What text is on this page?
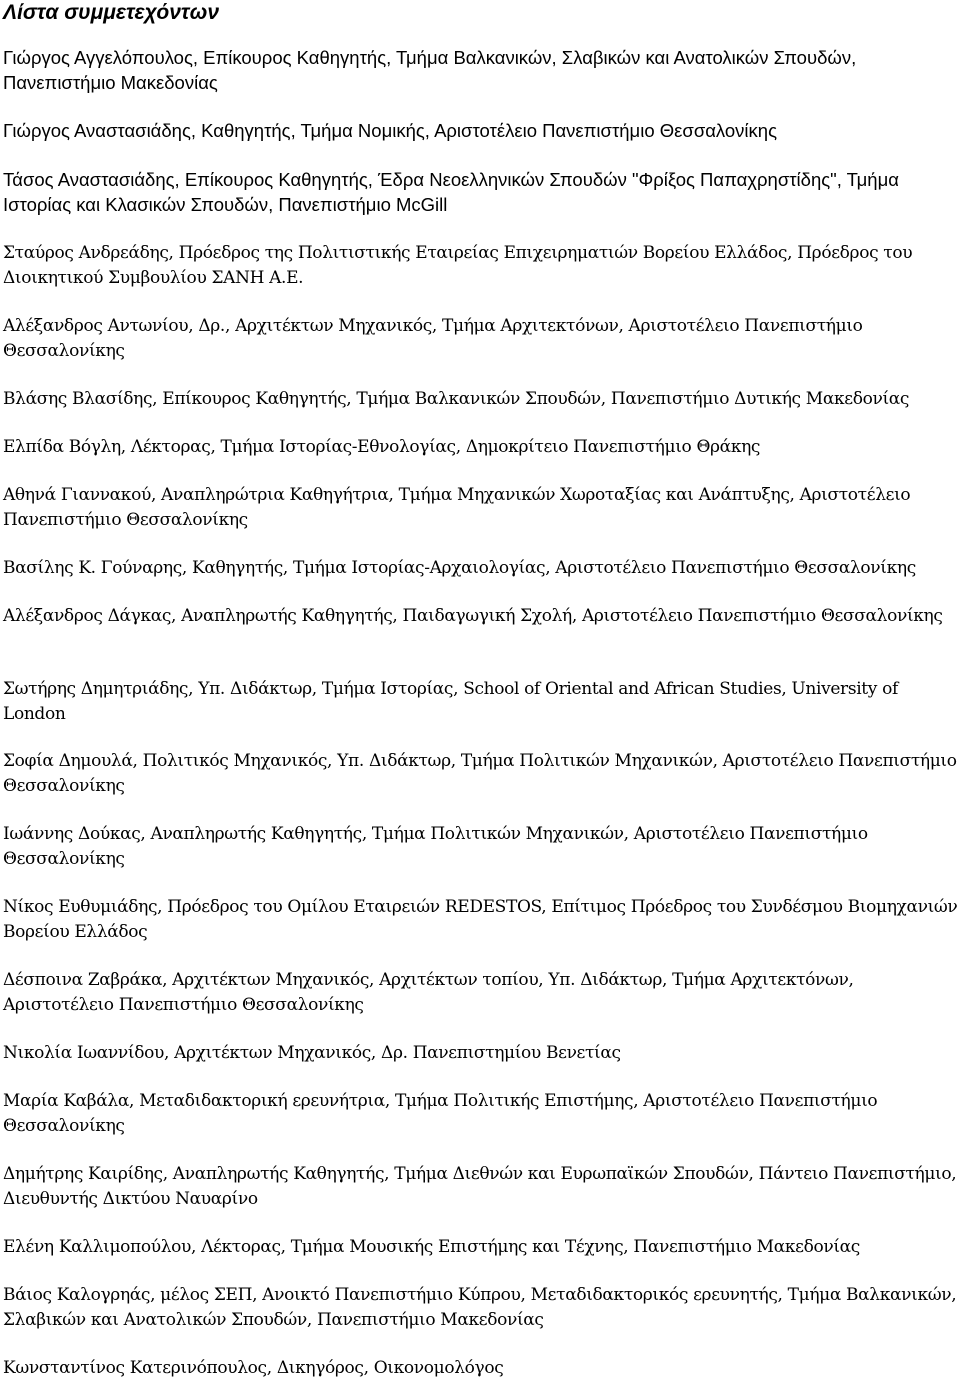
Λίστα συμμετεχόντων

Γιώργος Αγγελόπουλος, Επίκουρος Καθηγητής, Τμήμα Βαλκανικών, Σλαβικών και Ανατολικών Σπουδών, Πανεπιστήμιο Μακεδονίας

Γιώργος Αναστασιάδης, Καθηγητής, Τμήμα Νομικής, Αριστοτέλειο Πανεπιστήμιο Θεσσαλονίκης

Τάσος Αναστασιάδης, Επίκουρος Καθηγητής, Έδρα Νεοελληνικών Σπουδών "Φρίξος Παπαχρηστίδης", Τμήμα Ιστορίας και Κλασικών Σπουδών, Πανεπιστήμιο McGill

Σταύρος Ανδρεάδης, Πρόεδρος της Πολιτιστικής Εταιρείας Επιχειρηματιών Βορείου Ελλάδος, Πρόεδρος του Διοικητικού Συμβουλίου ΣΑΝΗ Α.Ε.

Αλέξανδρος Αντωνίου, Δρ., Αρχιτέκτων Μηχανικός, Τμήμα Αρχιτεκτόνων, Αριστοτέλειο Πανεπιστήμιο Θεσσαλονίκης

Βλάσης Βλασίδης, Επίκουρος Καθηγητής, Τμήμα Βαλκανικών Σπουδών, Πανεπιστήμιο Δυτικής Μακεδονίας

Ελπίδα Βόγλη, Λέκτορας, Τμήμα Ιστορίας-Εθνολογίας, Δημοκρίτειο Πανεπιστήμιο Θράκης

Αθηνά Γιαννακού, Αναπληρώτρια Καθηγήτρια, Τμήμα Μηχανικών Χωροταξίας και Ανάπτυξης, Αριστοτέλειο Πανεπιστήμιο Θεσσαλονίκης

Βασίλης Κ. Γούναρης, Καθηγητής, Τμήμα Ιστορίας-Αρχαιολογίας, Αριστοτέλειο Πανεπιστήμιο Θεσσαλονίκης

Αλέξανδρος Δάγκας, Αναπληρωτής Καθηγητής, Παιδαγωγική Σχολή, Αριστοτέλειο Πανεπιστήμιο Θεσσαλονίκης

Σωτήρης Δημητριάδης, Υπ. Διδάκτωρ, Τμήμα Ιστορίας, School of Oriental and African Studies, University of London

Σοφία Δημουλά, Πολιτικός Μηχανικός, Υπ. Διδάκτωρ, Τμήμα Πολιτικών Μηχανικών, Αριστοτέλειο Πανεπιστήμιο Θεσσαλονίκης

Ιωάννης Δούκας, Αναπληρωτής Καθηγητής, Τμήμα Πολιτικών Μηχανικών, Αριστοτέλειο Πανεπιστήμιο Θεσσαλονίκης

Νίκος Ευθυμιάδης, Πρόεδρος του Ομίλου Εταιρειών REDESTOS, Επίτιμος Πρόεδρος του Συνδέσμου Βιομηχανιών Βορείου Ελλάδος

Δέσποινα Ζαβράκα, Αρχιτέκτων Μηχανικός, Αρχιτέκτων τοπίου, Υπ. Διδάκτωρ, Τμήμα Αρχιτεκτόνων, Αριστοτέλειο Πανεπιστήμιο Θεσσαλονίκης

Νικολία Ιωαννίδου, Αρχιτέκτων Μηχανικός, Δρ. Πανεπιστημίου Βενετίας

Μαρία Καβάλα, Μεταδιδακτορική ερευνήτρια, Τμήμα Πολιτικής Επιστήμης, Αριστοτέλειο Πανεπιστήμιο Θεσσαλονίκης

Δημήτρης Καιρίδης, Αναπληρωτής Καθηγητής, Τμήμα Διεθνών και Ευρωπαϊκών Σπουδών, Πάντειο Πανεπιστήμιο, Διευθυντής Δικτύου Ναυαρίνο

Ελένη Καλλιμοπούλου, Λέκτορας, Τμήμα Μουσικής Επιστήμης και Τέχνης, Πανεπιστήμιο Μακεδονίας

Βάιος Καλογρηάς, μέλος ΣΕΠ, Ανοικτό Πανεπιστήμιο Κύπρου, Μεταδιδακτορικός ερευνητής, Τμήμα Βαλκανικών, Σλαβικών και Ανατολικών Σπουδών, Πανεπιστήμιο Μακεδονίας

Κωνσταντίνος Κατερινόπουλος, Δικηγόρος, Οικονομολόγος
